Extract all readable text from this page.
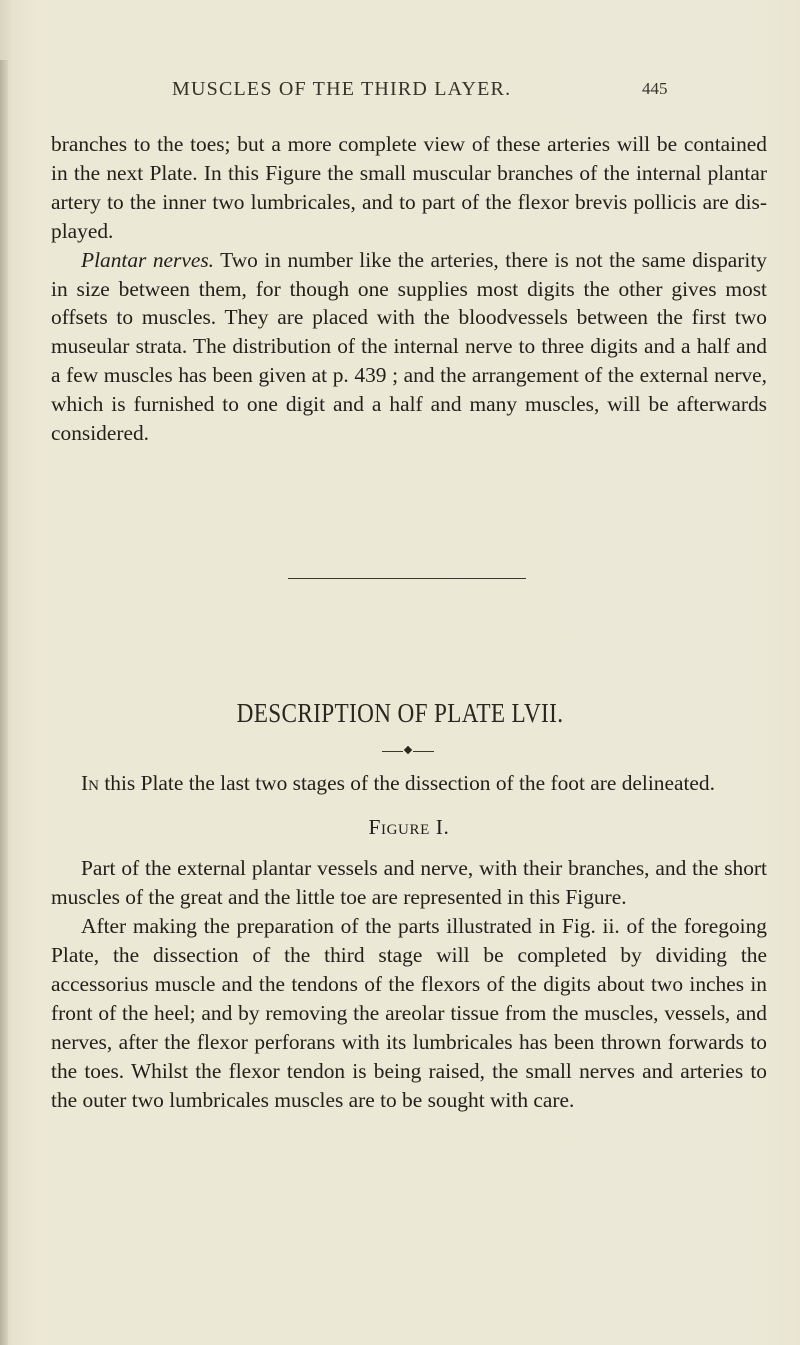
MUSCLES OF THE THIRD LAYER.	445

branches to the toes; but a more complete view of these arteries will be contained in the next Plate. In this Figure the small muscular branches of the internal plantar artery to the inner two lumbricales, and to part of the flexor brevis pollicis are dis-played.

Plantar nerves. Two in number like the arteries, there is not the same disparity in size between them, for though one supplies most digits the other gives most offsets to muscles. They are placed with the bloodvessels between the first two museular strata. The distribution of the internal nerve to three digits and a half and a few muscles has been given at p. 439 ; and the arrangement of the external nerve, which is furnished to one digit and a half and many muscles, will be afterwards considered.

DESCRIPTION OF PLATE LVII.

In this Plate the last two stages of the dissection of the foot are delineated.

Figure I.

Part of the external plantar vessels and nerve, with their branches, and the short muscles of the great and the little toe are represented in this Figure.

After making the preparation of the parts illustrated in Fig. ii. of the foregoing Plate, the dissection of the third stage will be completed by dividing the accessorius muscle and the tendons of the flexors of the digits about two inches in front of the heel; and by removing the areolar tissue from the muscles, vessels, and nerves, after the flexor perforans with its lumbricales has been thrown forwards to the toes. Whilst the flexor tendon is being raised, the small nerves and arteries to the outer two lumbricales muscles are to be sought with care.
